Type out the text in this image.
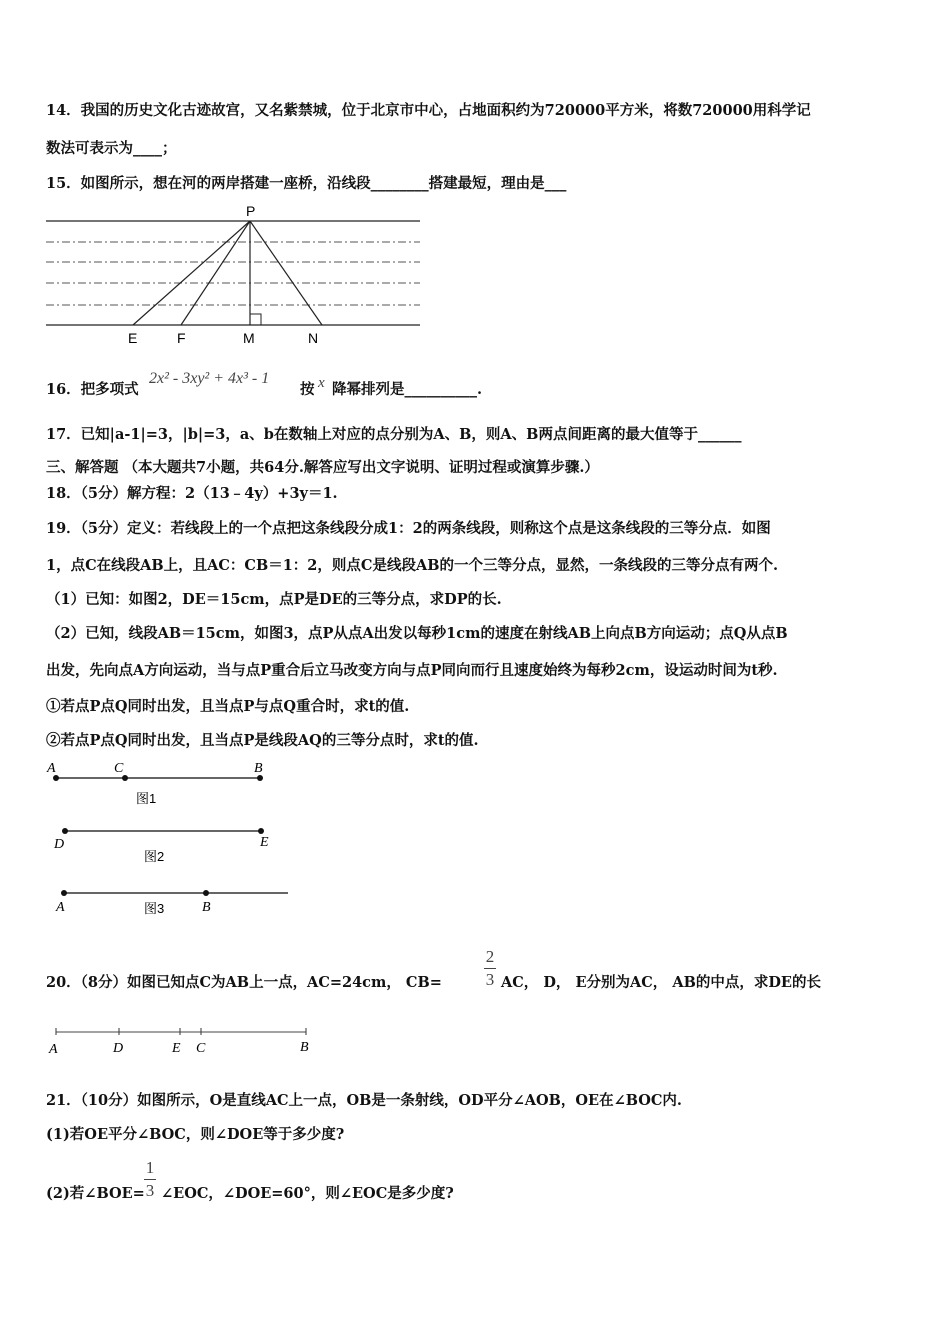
14．我国的历史文化古迹故宫，又名紫禁城，位于北京市中心，占地面积约为720000平方米，将数720000用科学记
数法可表示为____；
15．如图所示，想在河的两岸搭建一座桥，沿线段________搭建最短，理由是___
P
E	F	M	N
16．把多项式
2x² - 3xy² + 4x³ - 1
按 x 降幂排列是__________.
17．已知|a-1|=3，|b|=3，a、b在数轴上对应的点分别为A、B，则A、B两点间距离的最大值等于______
三、解答题 （本大题共7小题，共64分.解答应写出文字说明、证明过程或演算步骤.）
18．（5分）解方程：2（13﹣4y）+3y＝1.
19．（5分）定义：若线段上的一个点把这条线段分成1：2的两条线段，则称这个点是这条线段的三等分点．如图
1，点C在线段AB上，且AC：CB＝1：2，则点C是线段AB的一个三等分点，显然，一条线段的三等分点有两个.
（1）已知：如图2，DE＝15cm，点P是DE的三等分点，求DP的长.
（2）已知，线段AB＝15cm，如图3，点P从点A出发以每秒1cm的速度在射线AB上向点B方向运动；点Q从点B
出发，先向点A方向运动，当与点P重合后立马改变方向与点P同向而行且速度始终为每秒2cm，设运动时间为t秒.
①若点P点Q同时出发，且当点P与点Q重合时，求t的值.
②若点P点Q同时出发，且当点P是线段AQ的三等分点时，求t的值.
A	C	B
图1
D	E
图2
A	B
图3
20．（8分）如图已知点C为AB上一点，AC=24cm， CB=
2
3 AC， D， E分别为AC， AB的中点，求DE的长
A	D	E C	B
21．（10分）如图所示，O是直线AC上一点，OB是一条射线，OD平分∠AOB，OE在∠BOC内.
(1)若OE平分∠BOC，则∠DOE等于多少度?
(2)若∠BOE=
1
3 ∠EOC，∠DOE=60°，则∠EOC是多少度?
